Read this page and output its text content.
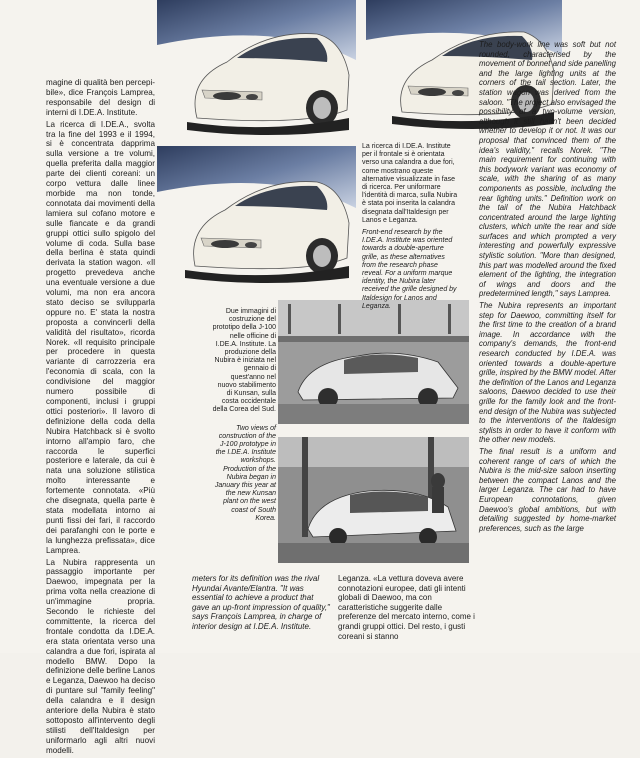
magine di qualità ben percepi-bile», dice François Lamprea, responsabile del design di interni di I.DE.A. Institute.

La ricerca di I.DE.A., svolta tra la fine del 1993 e il 1994, si è concentrata dapprima sulla versione a tre volumi, quella preferita dalla maggior parte dei clienti coreani: un corpo vettura dalle linee morbide ma non tonde, connotata dai movimenti della lamiera sul cofano motore e sulle fiancate e da grandi gruppi ottici sullo spigolo del volume di coda. Sulla base della berlina è stata quindi derivata la station wagon. «Il progetto prevedeva anche una eventuale versione a due volumi, ma non era ancora stato deciso se svilupparla oppure no. E' stata la nostra proposta a convincerli della validità del risultato», ricorda Norek. «Il requisito principale per procedere in questa variante di carrozzeria era l'economia di scala, con la condivisione del maggior numero possibile di componenti, inclusi i gruppi ottici posteriori». Il lavoro di definizione della coda della Nubira Hatchback si è svolto intorno all'ampio faro, che raccorda le superfici posteriore e laterale, da cui è nata una soluzione stilistica molto interessante e fortemente connotata. «Più che disegnata, quella parte è stata modellata intorno ai punti fissi dei fari, il raccordo dei parafanghi con le porte e la lunghezza prefissata», dice Lamprea.

La Nubira rappresenta un passaggio importante per Daewoo, impegnata per la prima volta nella creazione di un'immagine propria. Secondo le richieste del committente, la ricerca del frontale condotta da I.DE.A. era stata orientata verso una calandra a due fori, ispirata al modello BMW. Dopo la definizione delle berline Lanos e Leganza, Daewoo ha deciso di puntare sul "family feeling" della calandra e il design anteriore della Nubira è stato sottoposto all'intervento degli stilisti dell'Italdesign per uniformarlo agli altri nuovi modelli.

La ricerca di I.DE.A. Institute per il frontale si è orientata verso una calandra a due fori, come mostrano queste alternative visualizzate in fase di ricerca. Per uniformare l'identità di marca, sulla Nubira è stata poi inserita la calandra disegnata dall'Italdesign per Lanos e Leganza.

Front-end research by the I.DE.A. Institute was oriented towards a double-aperture grille, as these alternatives from the research phase reveal. For a uniform marque identity, the Nubira later received the grille designed by Italdesign for Lanos and Leganza.

Due immagini di costruzione del prototipo della J-100 nelle officine di I.DE.A. Institute. La produzione della Nubira è iniziata nel gennaio di quest'anno nel nuovo stabilimento di Kunsan, sulla costa occidentale della Corea del Sud.

Two views of construction of the J-100 prototype in the I.DE.A. Institute workshops. Production of the Nubira began in January this year at the new Kunsan plant on the west coast of South Korea.

The body-work line was soft but not rounded, characterised by the movement of bonnet and side panelling and the large lighting units at the corners of the tail section. Later, the station wagon was derived from the saloon. "The project also envisaged the possibility of a two-volume version, although it still hadn't been decided whether to develop it or not. It was our proposal that convinced them of the idea's validity," recalls Norek. "The main requirement for continuing with this bodywork variant was economy of scale, with the sharing of as many components as possible, including the rear lighting units." Definition work on the tail of the Nubira Hatchback concentrated around the large lighting clusters, which unite the rear and side surfaces and which prompted a very interesting and powerfully expressive stylistic solution. "More than designed, this part was modelled around the fixed element of the lighting, the integration of wings and doors and the predetermined length," says Lamprea.

The Nubira represents an important step for Daewoo, committing itself for the first time to the creation of a brand image. In accordance with the company's demands, the front-end research conducted by I.DE.A. was oriented towards a double-aperture grille, inspired by the BMW model. After the definition of the Lanos and Leganza saloons, Daewoo decided to use their grille for the family look and the front-end design of the Nubira was subjected to the interventions of the Italdesign stylists in order to have it conform with the other new models.

The final result is a uniform and coherent range of cars of which the Nubira is the mid-size saloon inserting between the compact Lanos and the larger Leganza. The car had to have European connotations, given Daewoo's global ambitions, but with detailing suggested by home-market preferences, such as the large

meters for its definition was the rival Hyundai Avante/Elantra. "It was essential to achieve a product that gave an up-front impression of quality," says François Lamprea, in charge of interior design at I.DE.A. Institute.

Leganza. «La vettura doveva avere connotazioni europee, dati gli intenti globali di Daewoo, ma con caratteristiche suggerite dalle preferenze del mercato interno, come i grandi gruppi ottici. Del resto, i gusti coreani si stanno
